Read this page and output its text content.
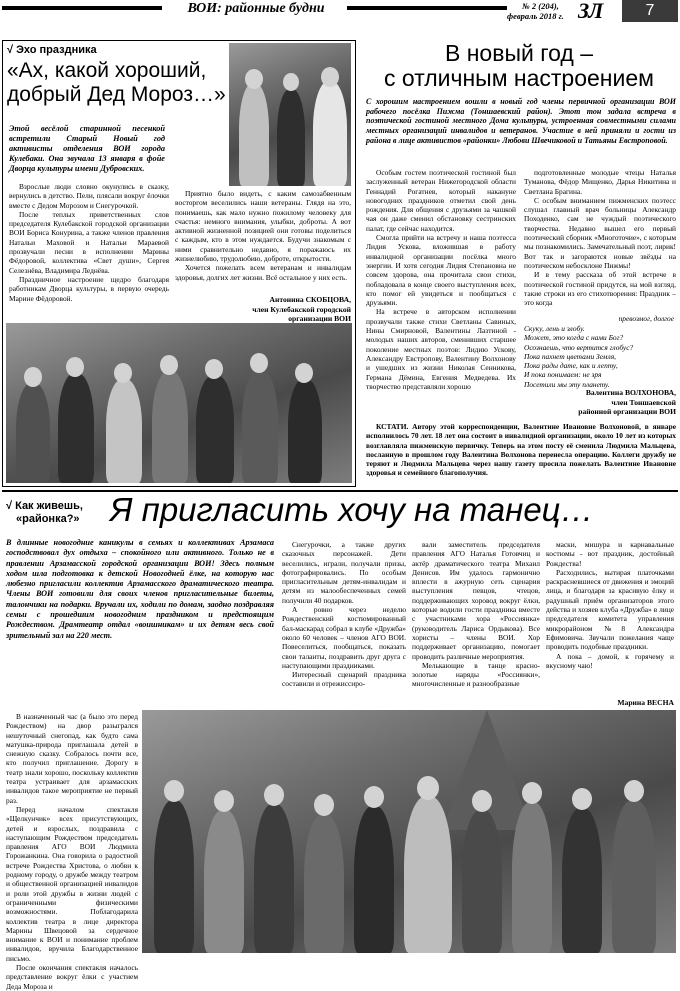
ВОИ: районные будни	№ 2 (204),
февраль 2018 г. ЗЛ	7
√ Эхо праздника
«Ах, какой хороший, добрый Дед Мороз…»
Этой весёлой старинной песенкой встретили Старый Новый год активисты отделения ВОИ города Кулебаки. Она звучала 13 января в фойе Дворца культуры имени Дубровских.

Взрослые люди словно окунулись в сказку, вернулись в детство. Пели, плясали вокруг ёлочки вместе с Дедом Морозом и Снегурочкой.

После теплых приветственных слов председателя Кулебакской городской организации ВОИ Бориса Конурина, а также членов правления Натальи Маховой и Натальи Мараевой прозвучали песни в исполнении Марины Фёдоровой, коллектива «Свет души», Сергея Селезнёва, Владимира Леднёва.

Праздничное настроение щедро благодаря работникам Дворца культуры, в первую очередь Марине Фёдоровой.

Приятно было видеть, с каким самозабвенным восторгом веселились наши ветераны. Глядя на это, понимаешь, как мало нужно пожилому человеку для счастья: немного внимания, улыбки, доброты. А вот активной жизненной позицией они готовы поделиться с каждым, кто в этом нуждается. Будучи знакомым с ними сравнительно недавно, я поражаюсь их жизнелюбию, трудолюбию, доброте, открытости.

Хочется пожелать всем ветеранам и инвалидам здоровья, долгих лет жизни. Всё остальное у них есть.

Антонина СКОБЦОВА,
член Кулебакской городской
организации ВОИ
В новый год –
с отличным настроением
С хорошим настроением вошли в новый год члены первичной организации ВОИ рабочего посёлка Пижма (Тоншаевский район). Этот тон задала встреча в поэтической гостиной местного Дома культуры, устроенная совместными силами местных организаций инвалидов и ветеранов. Участие в ней приняли и гости из района в лице активистов «районки» Любови Швечиковой и Татьяны Евстроповой.

Особым гостем поэтической гостиной был заслуженный ветеран Нижегородской области Геннадий Рогатнев, который накануне новогодних праздников отметил свой день рождения. Для общения с друзьями за чашкой чая он даже сменил обстановку сестринских палат, где сейчас находится.

Смогла прийти на встречу и наша поэтесса Лидия Ускова, вложившая в работу инвалидной организации посёлка много энергии. И хотя сегодня Лидия Степановна не совсем здорова, она прочитала свои стихи, побладовала в конце своего выступления всех, кто помог ей увидеться и пообщаться с друзьями.

На встрече в авторском исполнении прозвучали также стихи Светланы Савиных, Нины Смирновой, Валентины Лазтиной - молодых наших авторов, сменивших старшее поколение местных поэтов: Лидию Ускову, Александру Евстропову, Валентину Волхонову и ушедших из жизни Николая Сенникова, Германа Дёмина, Евгения Медведева. Их творчество представляли хорошо

подготовленные молодые чтецы Наталья Туманова, Фёдор Мищенко, Дарья Никитина и Светлана Брагина.

С особым вниманием пижменских поэтесс слушал главный врач больницы Александр Походенко, сам не чуждый поэтического творчества. Недавно вышел его первый поэтический сборник «Многоточие», с которым мы познакомились. Замечательный поэт, лирик! Вот так и загораются новые звёзды на поэтическом небосклоне Пижмы!

И в тему рассказа об этой встрече в поэтической гостиной придутся, на мой взгляд, такие строки из его стихотворения: Праздник – это когда

превозмог, долгое
Скуку, лень и злобу.
Может, это когда с нами Бог?
Осознаешь, что вертится глобус?
Пока пахнет цветами Земля,
Пока рады дате, как и лепту,
И пока понимаем: не зря
Посетили мы эту планету.
Валентина ВОЛХОНОВА,
член Тоншаевской
районной организации ВОИ
КСТАТИ. Автору этой корреспонденции, Валентине Ивановне Волхоновой, в январе исполнилось 70 лет. 18 лет она состоит в инвалидной организации, около 10 лет из которых возглавляла пижменскую первичку. Теперь на этом посту её сменила Людмила Мальцева, посланную в прошлом году Валентина Волхонова перенесла операцию. Коллеги дружбу не теряют и Людмила Мальцева через нашу газету просила пожелать Валентине Ивановне здоровья и семейного благополучия.
√ Как живешь,
«районка?» Я пригласить хочу на танец…
В длинные новогодние каникулы в семьях и коллективах Арзамаса господствовал дух отдыха – спокойного или активного. Только не в правлении Арзамасской городской организации ВОИ! Здесь полным ходом шла подготовка к детской Новогодней ёлке, на которую нас любезно пригласили коллектив Арзамасского драматического театра. Члены ВОИ готовили для своих членов пригласительные билеты, талончики на подарки. Вручали их, ходили по домам, заодно поздравляя семьи с прошедшим новогодним праздником и предстоящим Рождеством. Драмтеатр отдал «воишникам» и их детям весь свой зрительный зал на 220 мест.

Снегурочки, а также других сказочных персонажей. Дети веселились, играли, получали призы, фотографировались. По особым пригласительным детям-инвалидам и детям из малообеспеченных семей получили 40 подарков.

А ровно через неделю Рождественский костюмированный бал-маскарад собрал в клубе «Дружба» около 60 человек – членов АГО ВОИ. Повеселиться, пообщаться, показать свои таланты, поздравить друг друга с наступающими праздниками.

Интересный сценарий праздника составили и отрежиссиро-

вали заместитель председателя правления АГО Наталья Готовчиц и актёр драматического театра Михаил Денисов. Им удалось гармонично вплести в ажурную сеть сценария выступления певцов, чтецов, поддерживающих хоровод вокруг ёлки, которые водили гости праздника вместе с участниками хора «Россиянка» (руководитель Лариса Ордыкова). Все хористы – члены ВОИ. Хор поддерживает организацию, помогает проводить различные мероприятия.

Мелькающие в танце красно-золотые наряды «Россиянки», многочисленные и разнообразные

маски, мишура и карнавальные костюмы - вот праздник, достойный Рождества!

Расходились, вытирая платочками раскрасневшиеся от движения и эмоций лица, и благодаря за красивую ёлку и радушный приём организаторов этого действа и хозяев клуба «Дружба» в лице председателя комитета управления микрорайоном №8 Александра Ефимовича. Звучали пожелания чаще проводить подобные праздники.

А пока – домой, к горячему и вкусному чаю!

Марина ВЕСНА

В назначенный час (а было это перед Рождеством) на двор разыгрался нешуточный снегопад, как будто сама матушка-природа приглашала детей в снежную сказку. Собралось почти все, кто получил приглашение. Дорогу в театр знали хорошо, поскольку коллектив театра устраивает для арзамасских инвалидов такое мероприятие не первый раз.

Перед началом спектакля «Щелкунчик» всех присутствующих, детей и взрослых, поздравила с наступающим Рождеством председатель правления АГО ВОИ Людмила Горожанкина. Она говорила о радостной встрече Рождества Христова, о любви к родному городу, о дружбе между театром и общественной организацией инвалидов и роли этой дружбы в жизни людей с ограниченными физическими возможностями. Поблагодарила коллектив театра в лице директора Марины Швецовой за сердечное внимание к ВОИ и понимание проблем инвалидов, вручила Благодарственное письмо.

После окончания спектакля началось представление вокруг ёлки с участием Деда Мороза и
